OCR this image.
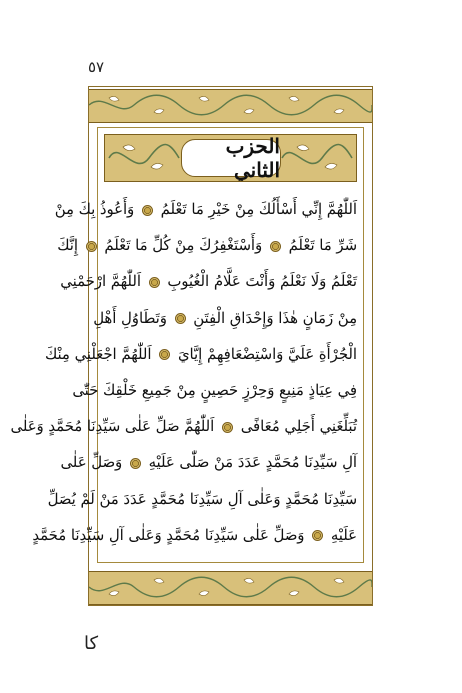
٥٧
الحزب الثاني
اَللّٰهُمَّ إِنِّي أَسْأَلُكَ مِنْ خَيْرِ مَا تَعْلَمُ  وَأَعُوذُ بِكَ مِنْ
شَرِّ مَا تَعْلَمُ  وَأَسْتَغْفِرُكَ مِنْ كُلِّ مَا تَعْلَمُ  إِنَّكَ
تَعْلَمُ وَلَا نَعْلَمُ وَأَنْتَ عَلَّامُ الْغُيُوبِ  اَللّٰهُمَّ ارْحَمْنِي
مِنْ زَمَانٍ هٰذَا وَإِحْدَاقِ الْفِتَنِ  وَتَطَاوُلِ أَهْلِ
الْجُرْأَةِ عَلَيَّ وَاسْتِضْعَافِهِمْ إِيَّايَ  اَللّٰهُمَّ اجْعَلْنِي مِنْكَ
فِي عِيَاذٍ مَنِيعٍ وَحِرْزٍ حَصِينٍ مِنْ جَمِيعِ خَلْقِكَ حَتّٰى
تُبَلِّغَنِي أَجَلِي مُعَافًى  اَللّٰهُمَّ صَلِّ عَلٰى سَيِّدِنَا مُحَمَّدٍ وَعَلٰى
آلِ سَيِّدِنَا مُحَمَّدٍ عَدَدَ مَنْ صَلّٰى عَلَيْهِ  وَصَلِّ عَلٰى
سَيِّدِنَا مُحَمَّدٍ وَعَلٰى آلِ سَيِّدِنَا مُحَمَّدٍ عَدَدَ مَنْ لَمْ يُصَلِّ
عَلَيْهِ  وَصَلِّ عَلٰى سَيِّدِنَا مُحَمَّدٍ وَعَلٰى آلِ سَيِّدِنَا مُحَمَّدٍ
كا
